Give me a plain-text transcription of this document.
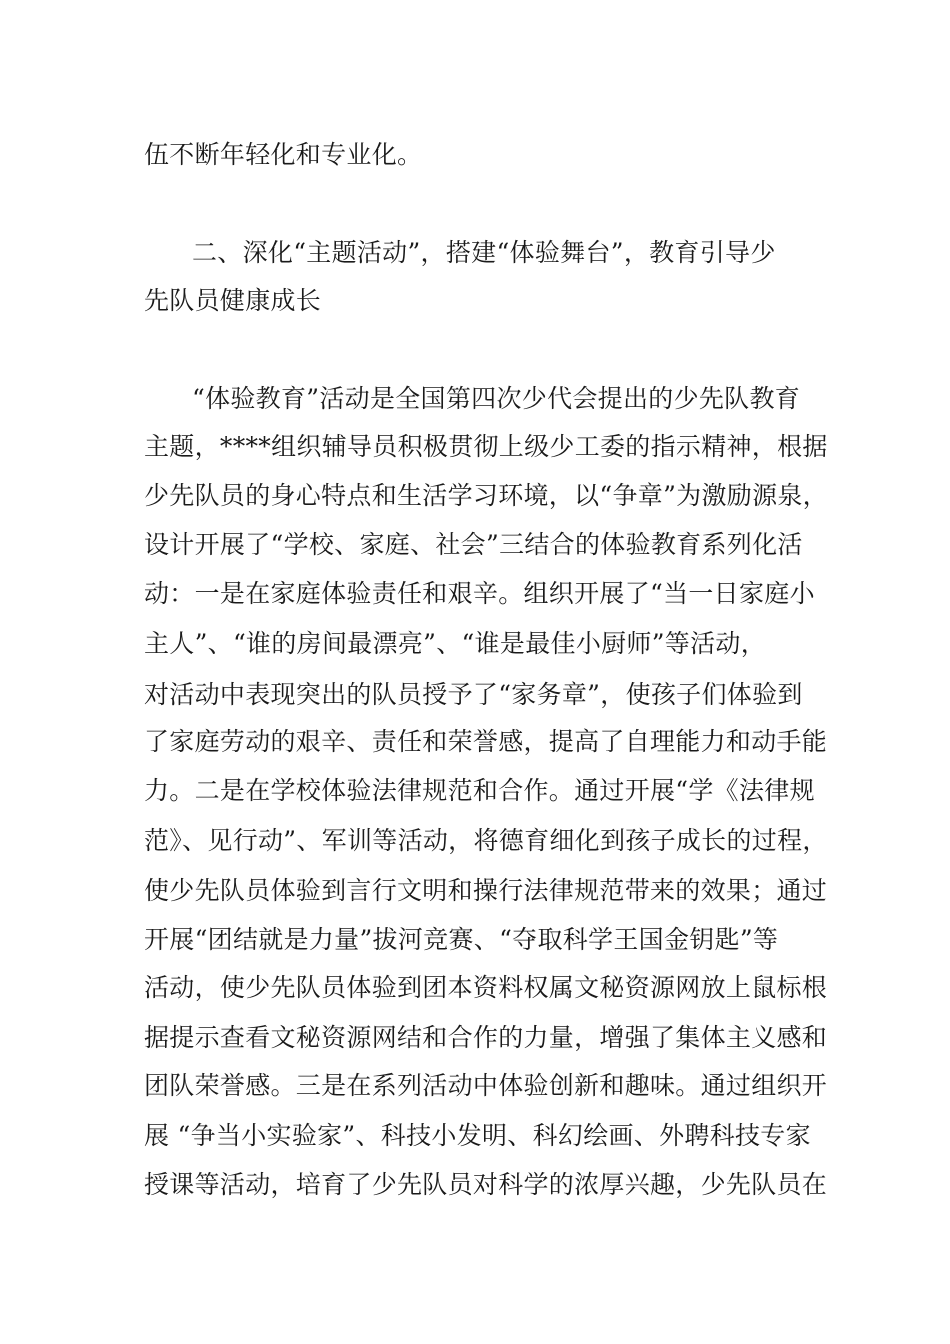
伍不断年轻化和专业化。
二、深化“主题活动”，搭建“体验舞台”，教育引导少
先队员健康成长
“体验教育”活动是全国第四次少代会提出的少先队教育
主题，****组织辅导员积极贯彻上级少工委的指示精神，根据
少先队员的身心特点和生活学习环境，以“争章”为激励源泉，
设计开展了“学校、家庭、社会”三结合的体验教育系列化活
动：一是在家庭体验责任和艰辛。组织开展了“当一日家庭小
主人”、“谁的房间最漂亮”、“谁是最佳小厨师”等活动，
对活动中表现突出的队员授予了“家务章”，使孩子们体验到
了家庭劳动的艰辛、责任和荣誉感，提高了自理能力和动手能
力。二是在学校体验法律规范和合作。通过开展“学《法律规
范》、见行动”、军训等活动，将德育细化到孩子成长的过程，
使少先队员体验到言行文明和操行法律规范带来的效果；通过
开展“团结就是力量”拔河竞赛、“夺取科学王国金钥匙”等
活动，使少先队员体验到团本资料权属文秘资源网放上鼠标根
据提示查看文秘资源网结和合作的力量，增强了集体主义感和
团队荣誉感。三是在系列活动中体验创新和趣味。通过组织开
展 “争当小实验家”、科技小发明、科幻绘画、外聘科技专家
授课等活动，培育了少先队员对科学的浓厚兴趣，少先队员在
